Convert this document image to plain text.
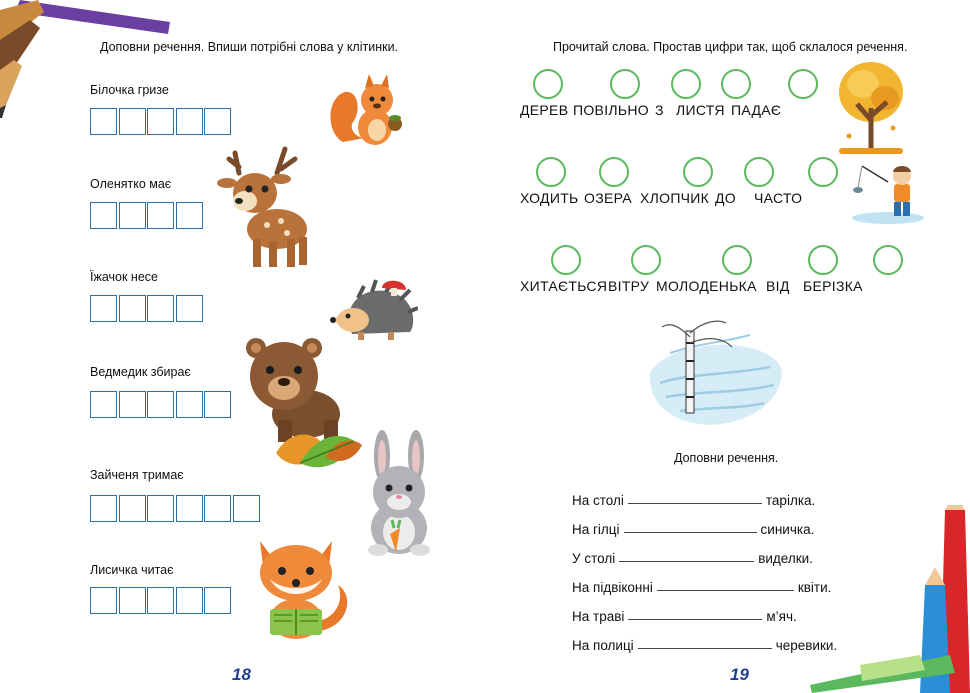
Доповни речення. Впиши потрібні слова у клітинки.
Білочка гризе
Оленятко має
Їжачок несе
Ведмедик збирає
Зайченя тримає
Лисичка читає
18
Прочитай слова. Простав цифри так, щоб склалося речення.
ДЕРЕВ ПОВІЛЬНО З ЛИСТЯ ПАДАЄ
ХОДИТЬ ОЗЕРА ХЛОПЧИК ДО ЧАСТО
ХИТАЄТЬСЯ ВІТРУ МОЛОДЕНЬКА ВІД БЕРІЗКА
Доповни речення.
На столі	тарілка.
На гілці	синичка.
У столі	виделки.
На підвіконні	квіти.
На траві	м’яч.
На полиці	черевики.
19
